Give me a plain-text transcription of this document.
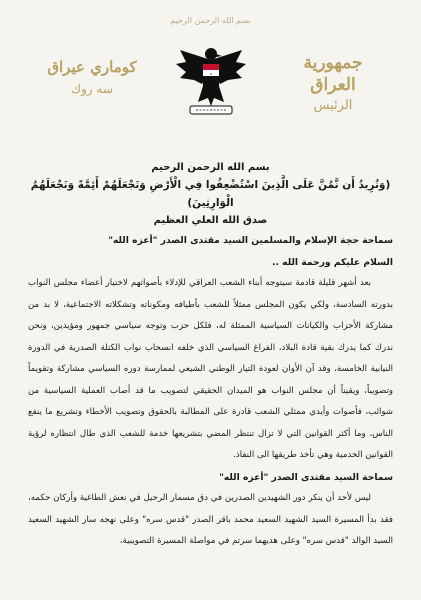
بسم الله الرحمن الرحيم
جمهورية العراق
الرئيس
كوماري عيراق
سه روك
★
بسم الله الرحمن الرحيم
(وَنُرِيدُ أَن نَّمُنَّ عَلَى الَّذِينَ اسْتُضْعِفُوا فِي الْأَرْضِ وَنَجْعَلَهُمْ أَئِمَّةً وَنَجْعَلَهُمُ الْوَارِثِينَ)
صدق الله العلي العظيم

سماحة حجة الإسلام والمسلمين السيد مقتدى الصدر "أعزه الله"

السلام عليكم ورحمة الله ..

بعد أشهر قليلة قادمة سيتوجه أبناء الشعب العراقي للإدلاء بأصواتهم لاختيار أعضاء مجلس النواب بدورته السادسة، ولكي يكون المجلس ممثلاً للشعب بأطيافه ومكوناته وتشكلاته الاجتماعية، لا بد من مشاركة الأحزاب والكيانات السياسية الممثلة له، فلكل حزب وتوجه سياسي جمهور ومؤيدين، ونحن ندرك كما يدرك بقية قادة البلاد، الفراغ السياسي الذي خلفه انسحاب نواب الكتلة الصدرية في الدورة النيابية الخامسة، وقد آن الأوان لعودة التيار الوطني الشيعي لممارسة دوره السياسي مشاركة وتقويماً وتصويباً، ويقيناً أن مجلس النواب هو الميدان الحقيقي لتصويب ما قد أصاب العملية السياسية من شوائب، فأصوات وأيدي ممثلي الشعب قادرة على المطالبة بالحقوق وتصويب الأخطاء وتشريع ما ينفع الناس، وما أكثر القوانين التي لا تزال تنتظر المضي بتشريعها خدمة للشعب الذي طال انتظاره لرؤية القوانين الخدمية وهي تأخذ طريقها الى النفاذ.

سماحة السيد مقتدى الصدر "أعزه الله"

ليس لأحد أن ينكر دور الشهيدين الصدرين في دق مسمار الرحيل في نعش الطاغية وأركان حكمه، فقد بدأ المسيرة السيد الشهيد السعيد محمد باقر الصدر "قدس سره" وعلى نهجه سار الشهيد السعيد السيد الوالد "قدس سره" وعلى هديهما سرتم في مواصلة المسيرة التصويبية،
